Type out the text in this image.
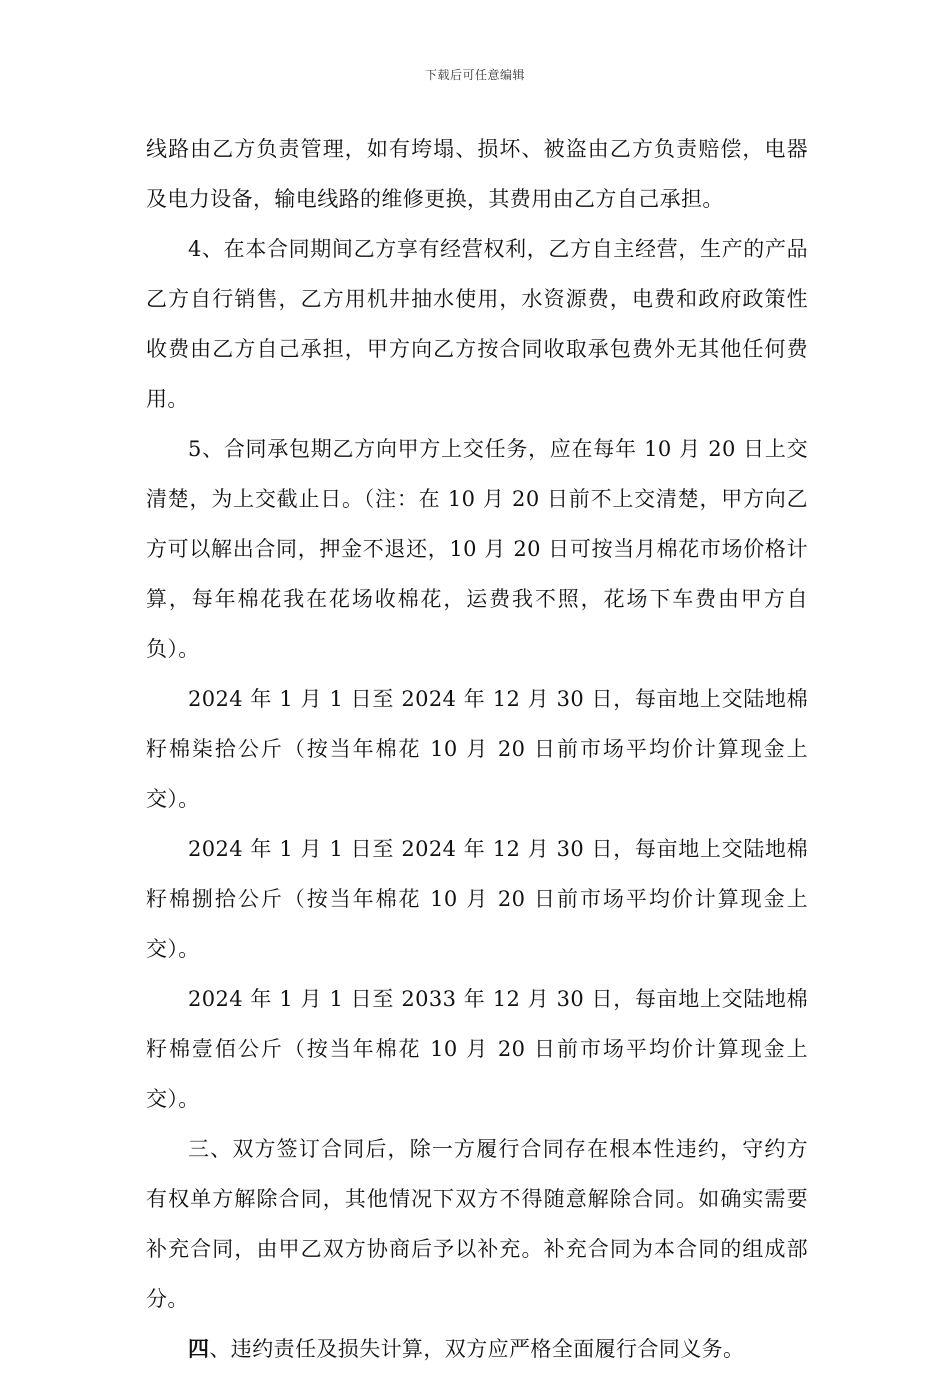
下载后可任意编辑

线路由乙方负责管理，如有垮塌、损坏、被盗由乙方负责赔偿，电器及电力设备，输电线路的维修更换，其费用由乙方自己承担。

4、在本合同期间乙方享有经营权利，乙方自主经营，生产的产品乙方自行销售，乙方用机井抽水使用，水资源费，电费和政府政策性收费由乙方自己承担，甲方向乙方按合同收取承包费外无其他任何费用。

5、合同承包期乙方向甲方上交任务，应在每年 10 月 20 日上交清楚，为上交截止日。（注：在 10 月 20 日前不上交清楚，甲方向乙方可以解出合同，押金不退还，10 月 20 日可按当月棉花市场价格计算，每年棉花我在花场收棉花，运费我不照，花场下车费由甲方自负）。

2024 年 1 月 1 日至 2024 年 12 月 30 日，每亩地上交陆地棉籽棉柒拾公斤（按当年棉花 10 月 20 日前市场平均价计算现金上交）。

2024 年 1 月 1 日至 2024 年 12 月 30 日，每亩地上交陆地棉籽棉捌拾公斤（按当年棉花 10 月 20 日前市场平均价计算现金上交）。

2024 年 1 月 1 日至 2033 年 12 月 30 日，每亩地上交陆地棉籽棉壹佰公斤（按当年棉花 10 月 20 日前市场平均价计算现金上交）。

三、双方签订合同后，除一方履行合同存在根本性违约，守约方有权单方解除合同，其他情况下双方不得随意解除合同。如确实需要补充合同，由甲乙双方协商后予以补充。补充合同为本合同的组成部分。

四、违约责任及损失计算，双方应严格全面履行合同义务。
